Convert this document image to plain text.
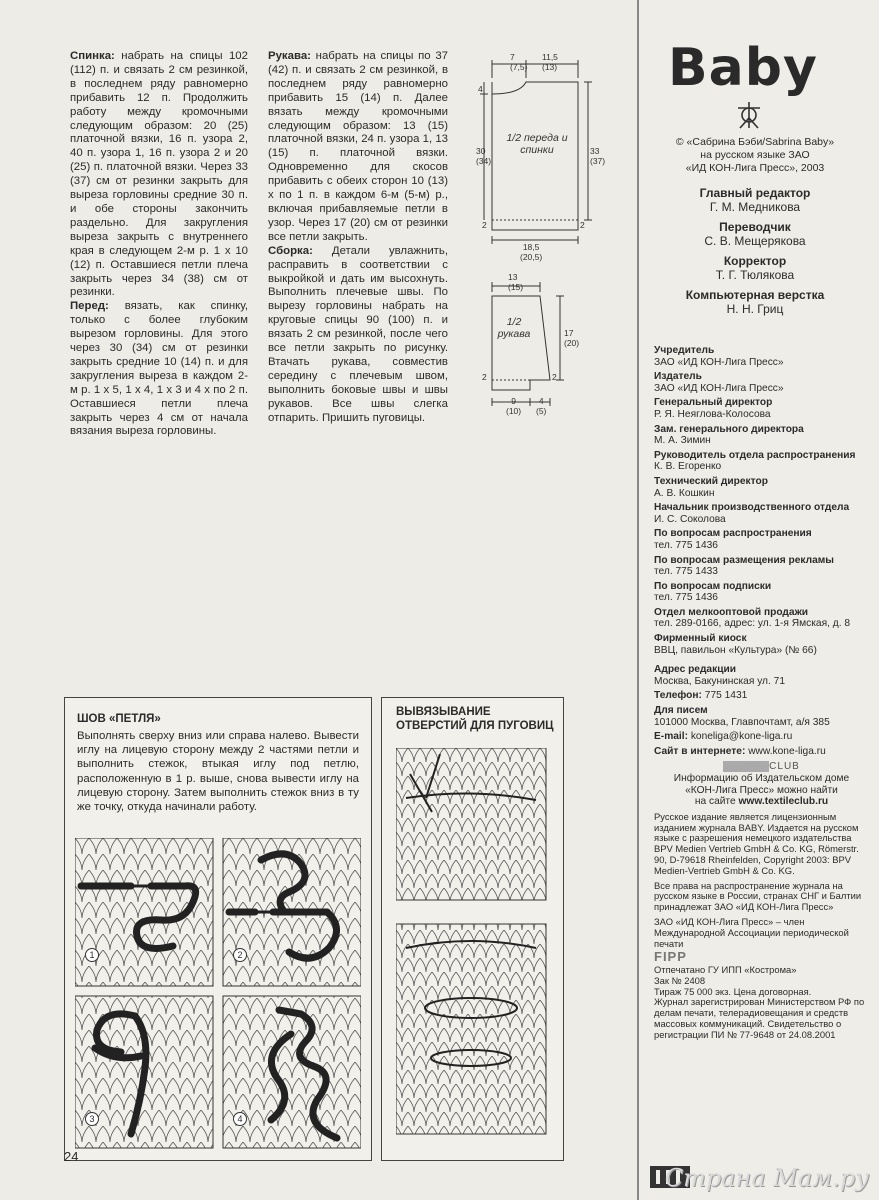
Спинка: набрать на спицы 102 (112) п. и связать 2 см резинкой, в последнем ряду равномерно прибавить 12 п. Продолжить работу между кромочными следующим образом: 20 (25) платочной вязки, 16 п. узора 2, 40 п. узора 1, 16 п. узора 2 и 20 (25) п. платочной вязки. Через 33 (37) см от резинки закрыть для выреза горловины средние 30 п. и обе стороны закончить раздельно. Для закругления выреза закрыть с внутреннего края в следующем 2-м р. 1 х 10 (12) п. Оставшиеся петли плеча закрыть через 34 (38) см от резинки.

Перед: вязать, как спинку, только с более глубоким вырезом горловины. Для этого через 30 (34) см от резинки закрыть средние 10 (14) п. и для закругления выреза в каждом 2-м р. 1 х 5, 1 х 4, 1 х 3 и 4 х по 2 п. Оставшиеся петли плеча закрыть через 4 см от начала вязания выреза горловины.

Рукава: набрать на спицы по 37 (42) п. и связать 2 см резинкой, в последнем ряду равномерно прибавить 15 (14) п. Далее вязать между кромочными следующим образом: 13 (15) платочной вязки, 24 п. узора 1, 13 (15) п. платочной вязки. Одновременно для скосов прибавить с обеих сторон 10 (13) х по 1 п. в каждом 6-м (5-м) р., включая прибавляемые петли в узор. Через 17 (20) см от резинки все петли закрыть.

Сборка: Детали увлажнить, расправить в соответствии с выкройкой и дать им высохнуть. Выполнить плечевые швы. По вырезу горловины набрать на круговые спицы 90 (100) п. и вязать 2 см резинкой, после чего все петли закрыть по рисунку. Втачать рукава, совместив середину с плечевым швом, выполнить боковые швы и швы рукавов. Все швы слегка отпарить. Пришить пуговицы.

7
(7,5)
11,5
(13)
4
30
(34)
33
(37)
1/2 переда и спинки
2	2
18,5
(20,5)
13
(15)
1/2 рукава	17
(20)
2	2
9
(10)
4
(5)
ШОВ «ПЕТЛЯ»
Выполнять сверху вниз или справа налево. Вывести иглу на лицевую сторону между 2 частями петли и выполнить стежок, втыкая иглу под петлю, расположенную в 1 р. выше, снова вывести иглу на лицевую сторону. Затем выполнить стежок вниз в ту же точку, откуда начинали работу.
1	2
3	4
ВЫВЯЗЫВАНИЕ
ОТВЕРСТИЙ ДЛЯ ПУГОВИЦ
24
Baby
© «Сабрина Бэби/Sabrina Baby»
на русском языке ЗАО
«ИД КОН-Лига Пресс», 2003
Главный редактор
Г. М. Медникова
Переводчик
С. В. Мещерякова
Корректор
Т. Г. Тюлякова
Компьютерная верстка
Н. Н. Гриц
Учредитель
ЗАО «ИД КОН-Лига Пресс»
Издатель
ЗАО «ИД КОН-Лига Пресс»
Генеральный директор
Р. Я. Неяглова-Колосова
Зам. генерального директора
М. А. Зимин
Руководитель отдела распространения
К. В. Егоренко
Технический директор
А. В. Кошкин
Начальник производственного отдела
И. С. Соколова
По вопросам распространения
тел. 775 1436
По вопросам размещения рекламы
тел. 775 1433
По вопросам подписки
тел. 775 1436
Отдел мелкооптовой продажи
тел. 289-0166, адрес: ул. 1-я Ямская, д. 8
Фирменный киоск
ВВЦ, павильон «Культура» (№ 66)
Адрес редакции
Москва, Бакунинская ул. 71
Телефон: 775 1431
Для писем
101000 Москва, Главпочтамт, а/я 385
E-mail: koneliga@kone-liga.ru
Сайт в интернете: www.kone-liga.ru
XXXXXXCLUB
Информацию об Издательском доме
«КОН-Лига Пресс» можно найти
на сайте www.textileclub.ru
Русское издание является лицензионным изданием журнала BABY. Издается на русском языке с разрешения немецкого издательства BPV Medien Vertrieb GmbH & Co. KG, Römerstr. 90, D-79618 Rheinfelden, Copyright 2003: BPV Medien-Vertrieb GmbH & Co. KG.
Все права на распространение журнала на русском языке в России, странах СНГ и Балтии принадлежат ЗАО «ИД КОН-Лига Пресс»
ЗАО «ИД КОН-Лига Пресс» – член Международной Ассоциации периодической печати
FIPP
Отпечатано ГУ ИПП «Кострома»
Зак № 2408
Тираж 75 000 экз. Цена договорная.
Журнал зарегистрирован Министерством РФ по делам печати, телерадиовещания и средств массовых коммуникаций. Свидетельство о регистрации ПИ № 77-9648 от 24.08.2001
Страна Мам.ру
